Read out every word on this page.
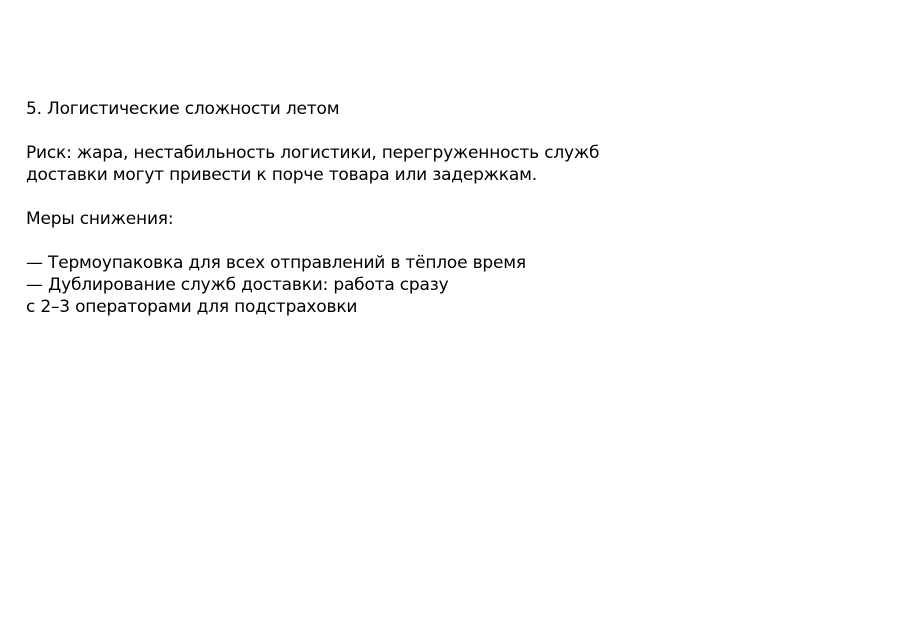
5. Логистические сложности летом

Риск: жара, нестабильность логистики, перегруженность служб
доставки могут привести к порче товара или задержкам.

Меры снижения:

— Термоупаковка для всех отправлений в тёплое время
— Дублирование служб доставки: работа сразу
с 2–3 операторами для подстраховки
